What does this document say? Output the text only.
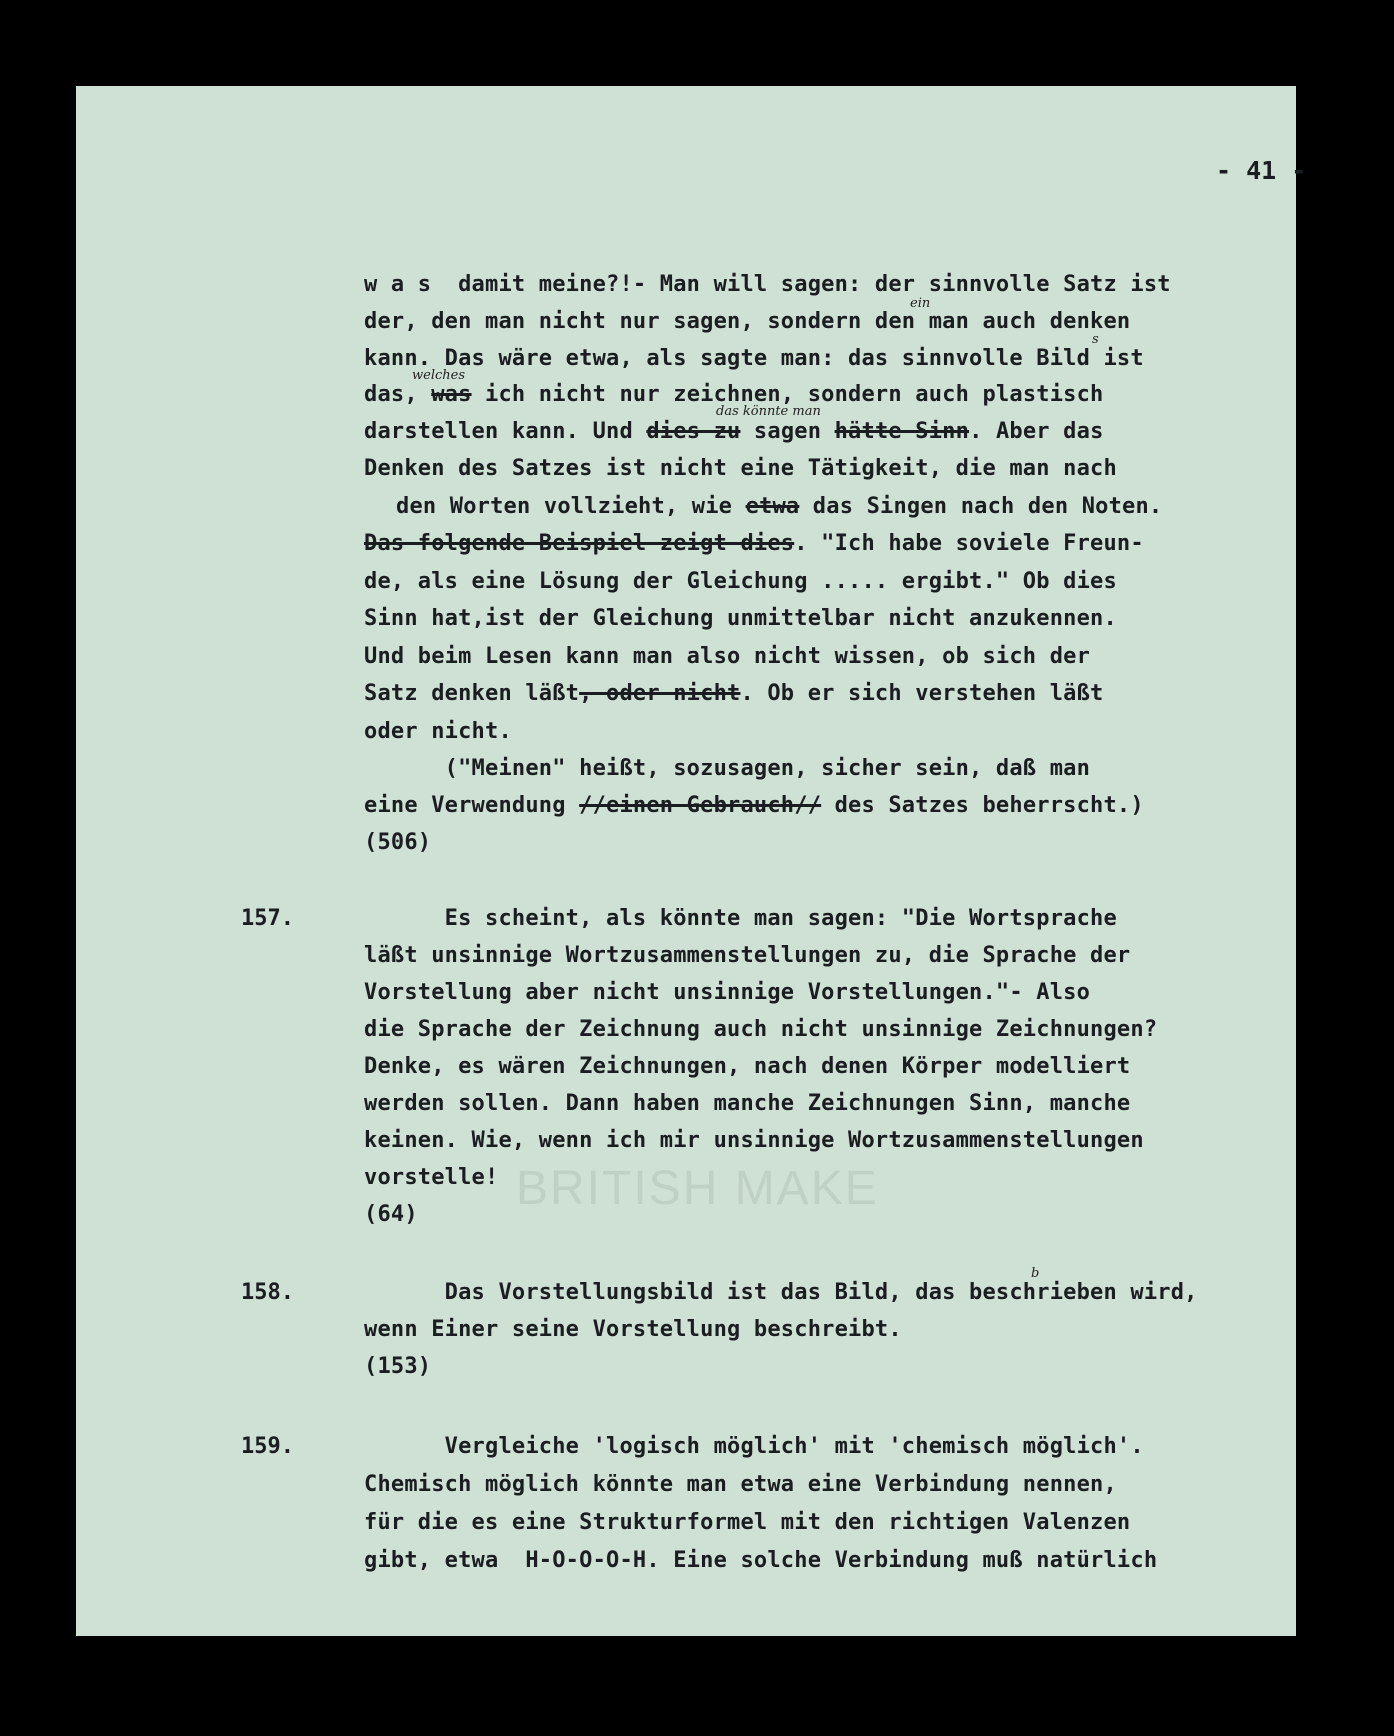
BRITISH MAKE
- 41 -
w a s  damit meine?!- Man will sagen: der sinnvolle Satz ist
der, den man nicht nur sagen, sondern den man auch denken
ein
kann. Das wäre etwa, als sagte man: das sinnvolle Bild ist
s
welches
das, was ich nicht nur zeichnen, sondern auch plastisch
das könnte man
darstellen kann. Und dies zu sagen hätte Sinn. Aber das
Denken des Satzes ist nicht eine Tätigkeit, die man nach
den Worten vollzieht, wie etwa das Singen nach den Noten.
Das folgende Beispiel zeigt dies. "Ich habe soviele Freun-
de, als eine Lösung der Gleichung ..... ergibt." Ob dies
Sinn hat,ist der Gleichung unmittelbar nicht anzukennen.
Und beim Lesen kann man also nicht wissen, ob sich der
Satz denken läßt, oder nicht. Ob er sich verstehen läßt
oder nicht.
("Meinen" heißt, sozusagen, sicher sein, daß man
eine Verwendung //einen Gebrauch// des Satzes beherrscht.)
(506)
157.	Es scheint, als könnte man sagen: "Die Wortsprache
läßt unsinnige Wortzusammenstellungen zu, die Sprache der
Vorstellung aber nicht unsinnige Vorstellungen."- Also
die Sprache der Zeichnung auch nicht unsinnige Zeichnungen?
Denke, es wären Zeichnungen, nach denen Körper modelliert
werden sollen. Dann haben manche Zeichnungen Sinn, manche
keinen. Wie, wenn ich mir unsinnige Wortzusammenstellungen
vorstelle!
(64)
158.	Das Vorstellungsbild ist das Bild, das beschrieben wird,
b
wenn Einer seine Vorstellung beschreibt.
(153)
159.	Vergleiche 'logisch möglich' mit 'chemisch möglich'.
Chemisch möglich könnte man etwa eine Verbindung nennen,
für die es eine Strukturformel mit den richtigen Valenzen
gibt, etwa  H-O-O-O-H. Eine solche Verbindung muß natürlich
